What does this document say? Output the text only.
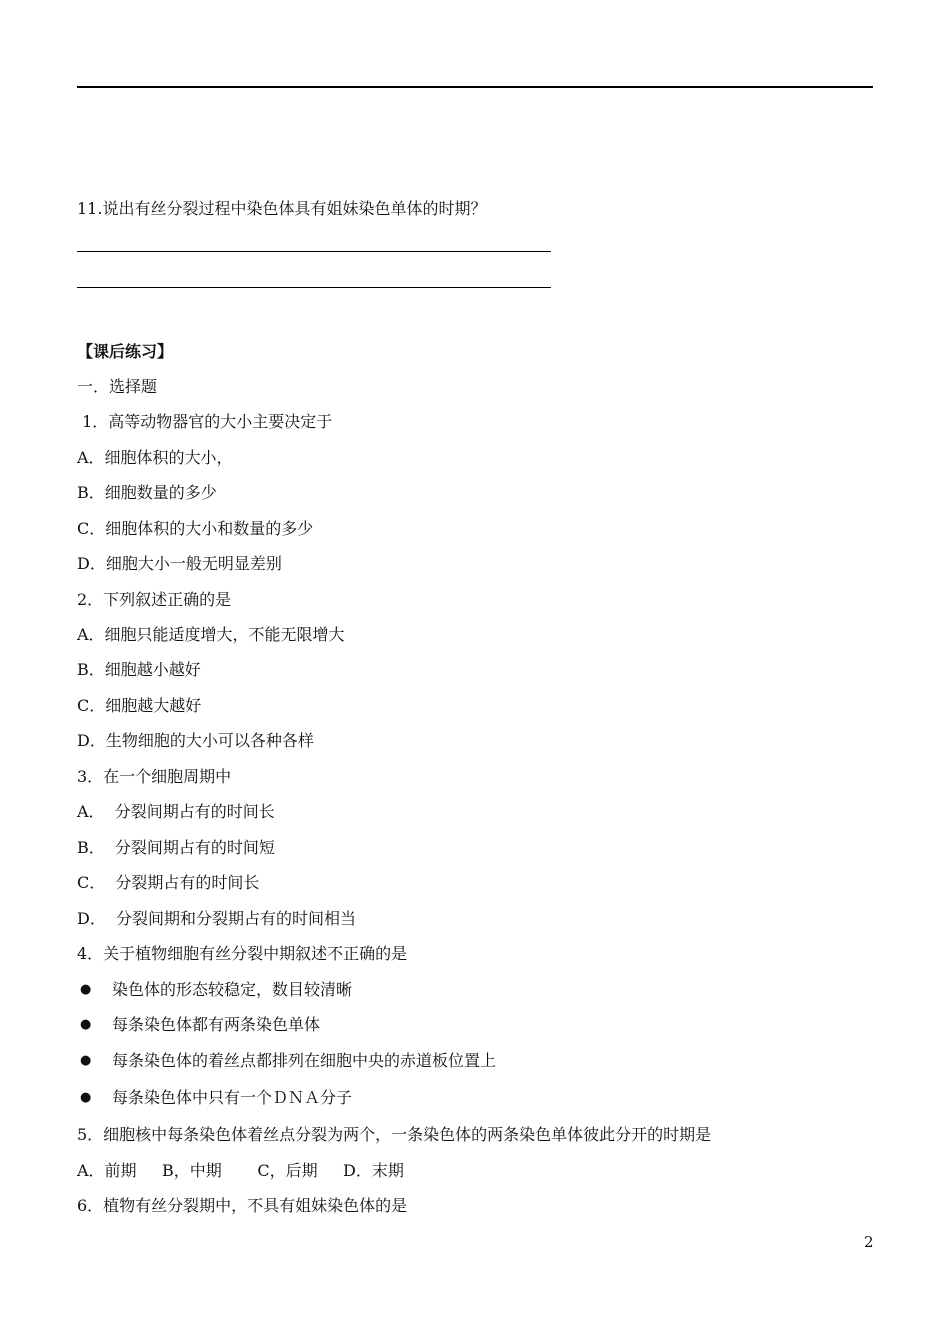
11.说出有丝分裂过程中染色体具有姐妹染色单体的时期？
【课后练习】
一．选择题
1．高等动物器官的大小主要决定于
A．细胞体积的大小，
B．细胞数量的多少
C．细胞体积的大小和数量的多少
D．细胞大小一般无明显差别
2．下列叙述正确的是
A．细胞只能适度增大，不能无限增大
B．细胞越小越好
C．细胞越大越好
D．生物细胞的大小可以各种各样
3．在一个细胞周期中
A．  分裂间期占有的时间长
B．  分裂间期占有的时间短
C．  分裂期占有的时间长
D．  分裂间期和分裂期占有的时间相当
4．关于植物细胞有丝分裂中期叙述不正确的是
● 染色体的形态较稳定，数目较清晰
● 每条染色体都有两条染色单体
● 每条染色体的着丝点都排列在细胞中央的赤道板位置上
● 每条染色体中只有一个ＤＮＡ分子
5．细胞核中每条染色体着丝点分裂为两个，一条染色体的两条染色单体彼此分开的时期是
A．前期     B，中期       C，后期     D．末期
6．植物有丝分裂期中，不具有姐妹染色体的是
2
